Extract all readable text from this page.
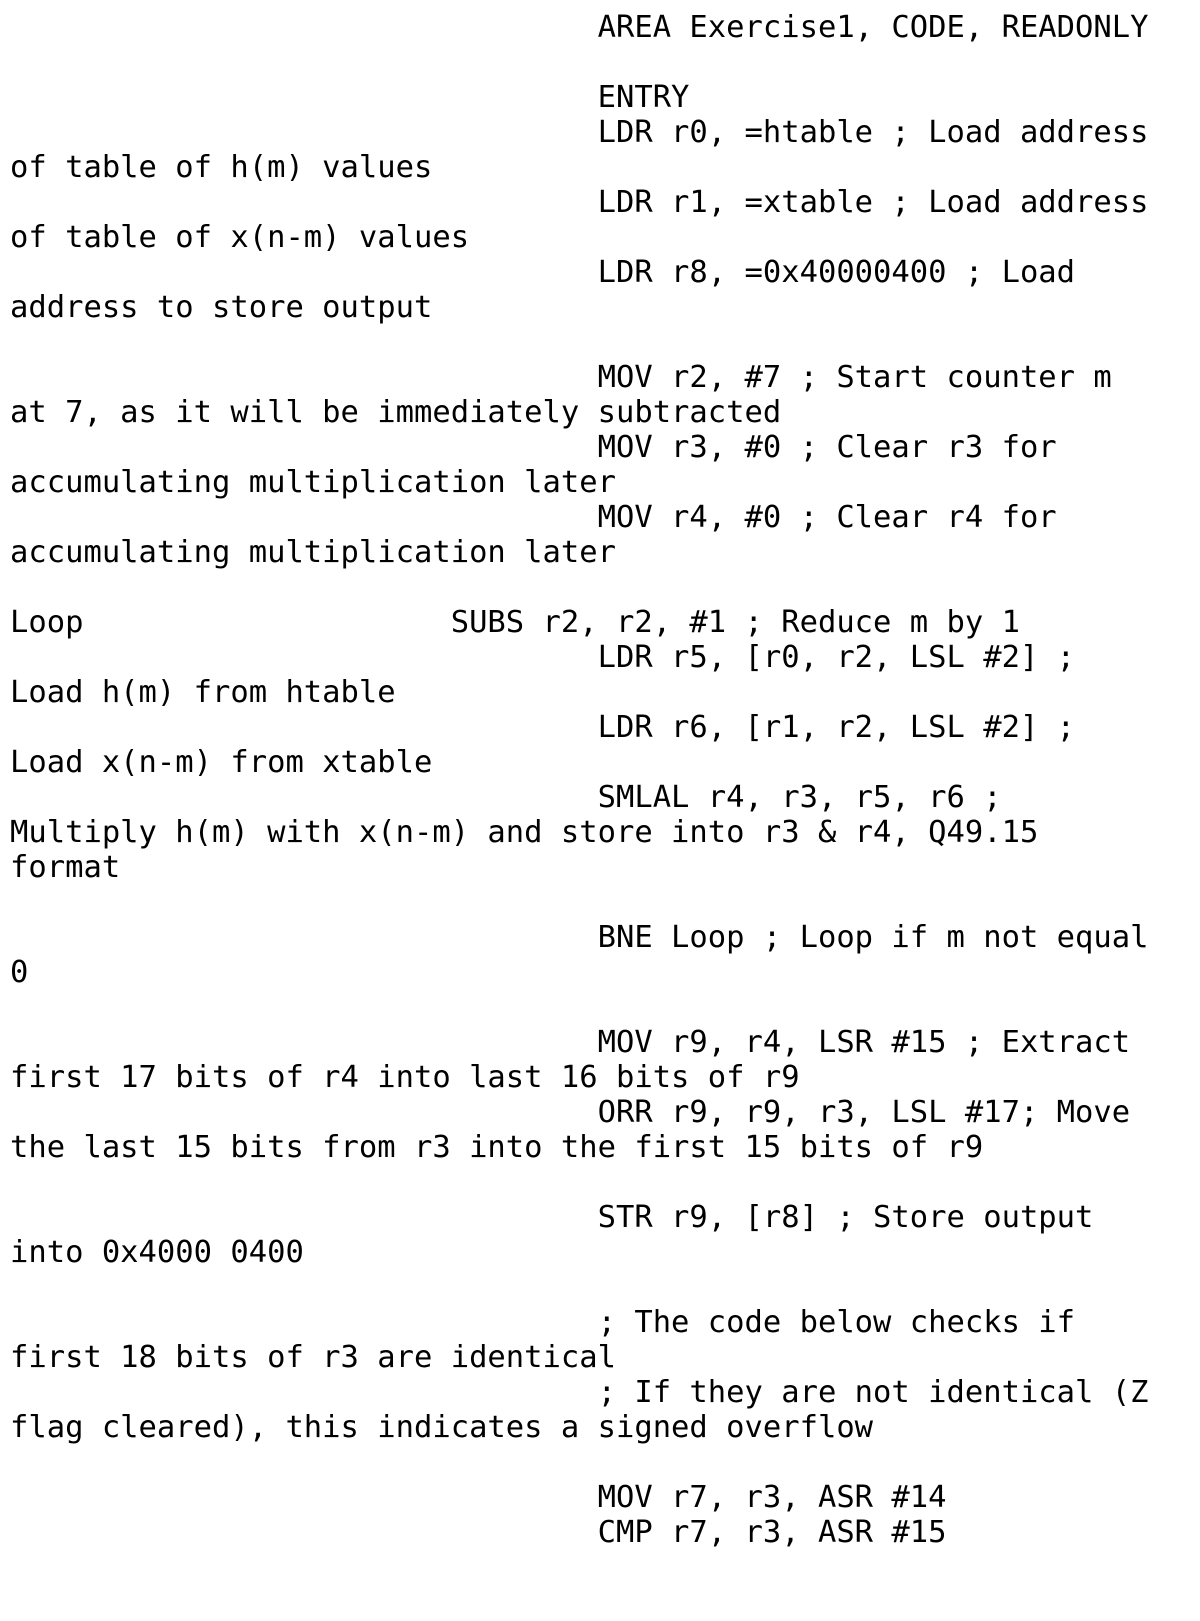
AREA Exercise1, CODE, READONLY

ENTRY
LDR r0, =htable ; Load address
of table of h(m) values
LDR r1, =xtable ; Load address
of table of x(n-m) values
LDR r8, =0x40000400 ; Load
address to store output

MOV r2, #7 ; Start counter m
at 7, as it will be immediately subtracted
MOV r3, #0 ; Clear r3 for
accumulating multiplication later
MOV r4, #0 ; Clear r4 for
accumulating multiplication later

Loop                    SUBS r2, r2, #1 ; Reduce m by 1
LDR r5, [r0, r2, LSL #2] ;
Load h(m) from htable
LDR r6, [r1, r2, LSL #2] ;
Load x(n-m) from xtable
SMLAL r4, r3, r5, r6 ;
Multiply h(m) with x(n-m) and store into r3 & r4, Q49.15
format

BNE Loop ; Loop if m not equal
0

MOV r9, r4, LSR #15 ; Extract
first 17 bits of r4 into last 16 bits of r9
ORR r9, r9, r3, LSL #17; Move
the last 15 bits from r3 into the first 15 bits of r9

STR r9, [r8] ; Store output
into 0x4000 0400

; The code below checks if
first 18 bits of r3 are identical
; If they are not identical (Z
flag cleared), this indicates a signed overflow

MOV r7, r3, ASR #14
CMP r7, r3, ASR #15
